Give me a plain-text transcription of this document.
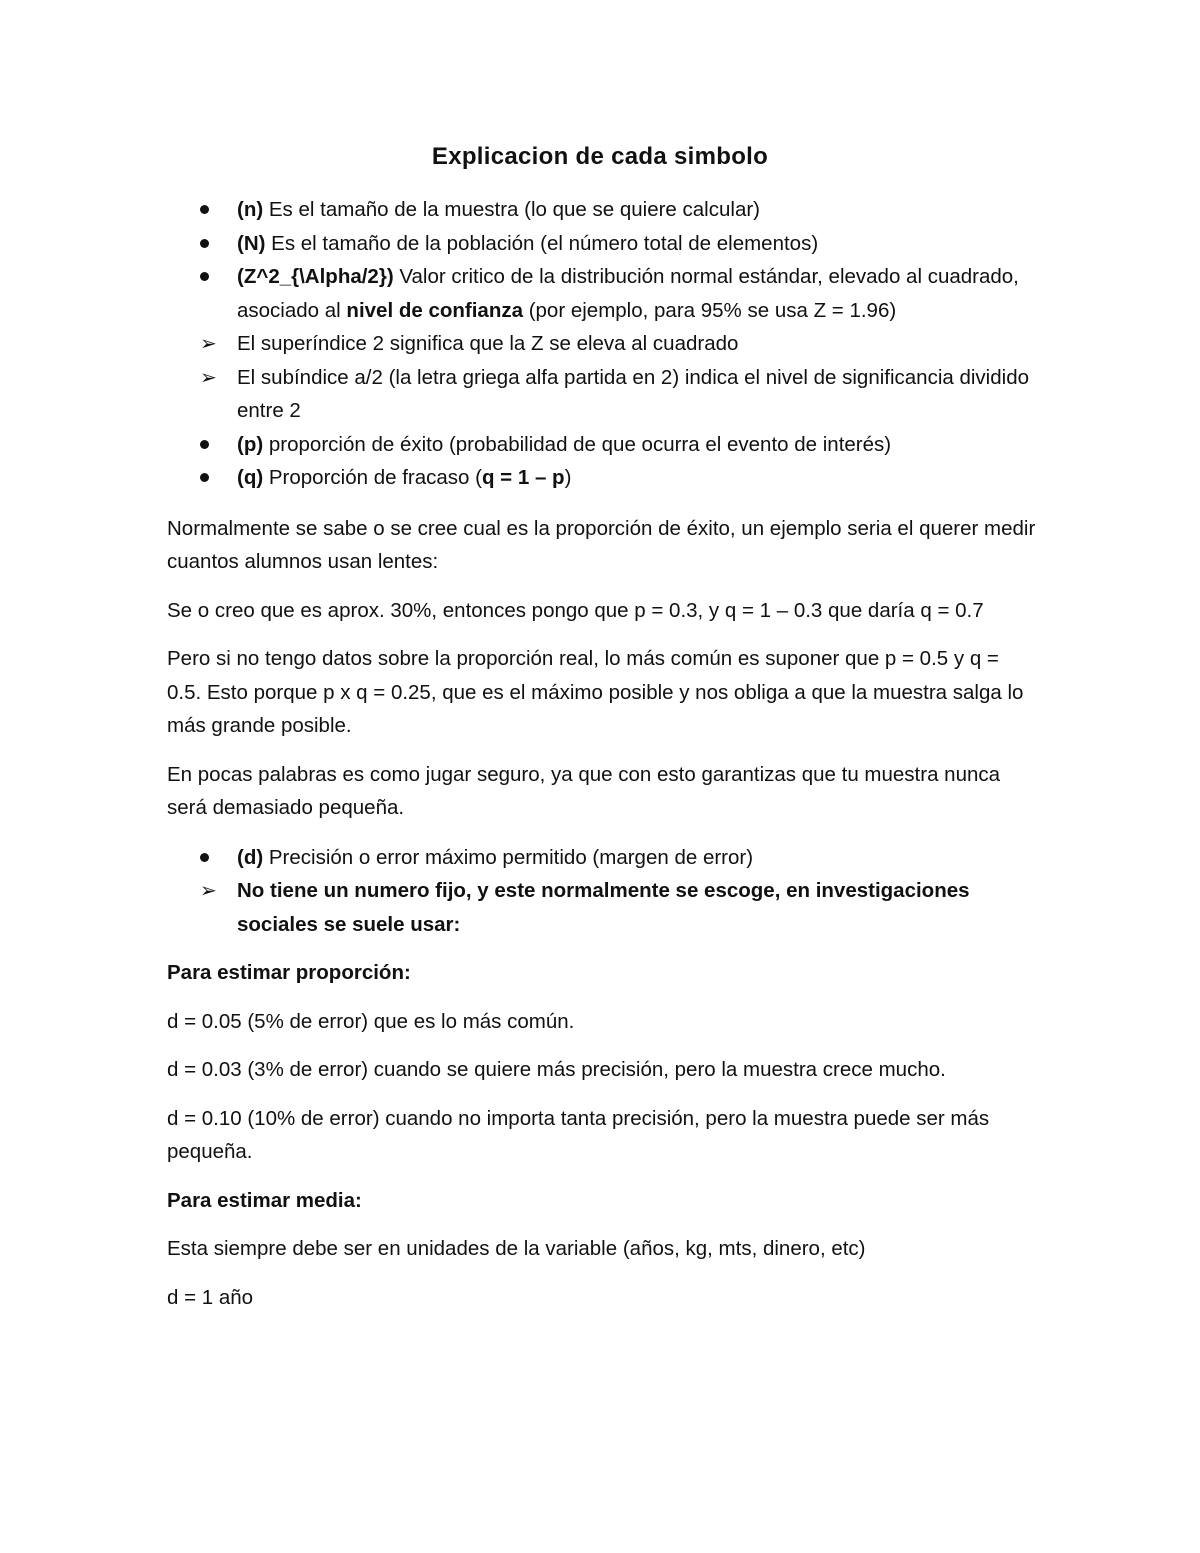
Explicacion de cada simbolo

(n) Es el tamaño de la muestra (lo que se quiere calcular)

(N) Es el tamaño de la población (el número total de elementos)

(Z^2_{\Alpha/2}) Valor critico de la distribución normal estándar, elevado al cuadrado, asociado al nivel de confianza (por ejemplo, para 95% se usa Z = 1.96)

➢ El superíndice 2 significa que la Z se eleva al cuadrado

➢ El subíndice a/2 (la letra griega alfa partida en 2) indica el nivel de significancia dividido entre 2

(p) proporción de éxito (probabilidad de que ocurra el evento de interés)

(q) Proporción de fracaso (q = 1 – p)

Normalmente se sabe o se cree cual es la proporción de éxito, un ejemplo seria el querer medir cuantos alumnos usan lentes:

Se o creo que es aprox. 30%, entonces pongo que p = 0.3, y q = 1 – 0.3 que daría q = 0.7

Pero si no tengo datos sobre la proporción real, lo más común es suponer que p = 0.5 y q = 0.5. Esto porque p x q = 0.25, que es el máximo posible y nos obliga a que la muestra salga lo más grande posible.

En pocas palabras es como jugar seguro, ya que con esto garantizas que tu muestra nunca será demasiado pequeña.

(d) Precisión o error máximo permitido (margen de error)

➢ No tiene un numero fijo, y este normalmente se escoge, en investigaciones sociales se suele usar:

Para estimar proporción:

d = 0.05 (5% de error) que es lo más común.

d = 0.03 (3% de error) cuando se quiere más precisión, pero la muestra crece mucho.

d = 0.10 (10% de error) cuando no importa tanta precisión, pero la muestra puede ser más pequeña.

Para estimar media:

Esta siempre debe ser en unidades de la variable (años, kg, mts, dinero, etc)

d = 1 año
